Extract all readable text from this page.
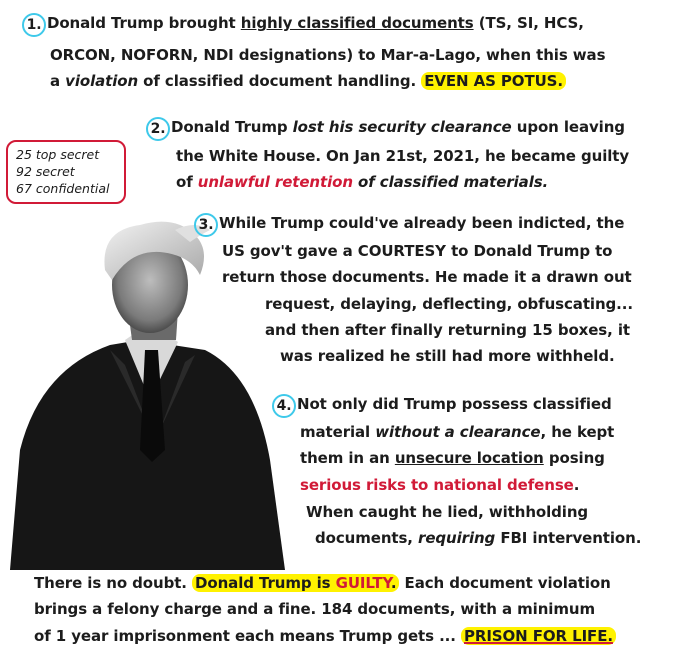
1. Donald Trump brought highly classified documents (TS, SI, HCS,
ORCON, NOFORN, NDI designations) to Mar-a-Lago, when this was
a violation of classified document handling. EVEN AS POTUS.
25 top secret
92 secret
67 confidential
2. Donald Trump lost his security clearance upon leaving
the White House. On Jan 21st, 2021, he became guilty
of unlawful retention of classified materials.
3. While Trump could've already been indicted, the
US gov't gave a COURTESY to Donald Trump to
return those documents. He made it a drawn out
request, delaying, deflecting, obfuscating...
and then after finally returning 15 boxes, it
was realized he still had more withheld.
4. Not only did Trump possess classified
material without a clearance, he kept
them in an unsecure location posing
serious risks to national defense.
When caught he lied, withholding
documents, requiring FBI intervention.
There is no doubt. Donald Trump is GUILTY. Each document violation
brings a felony charge and a fine. 184 documents, with a minimum
of 1 year imprisonment each means Trump gets ... PRISON FOR LIFE.
